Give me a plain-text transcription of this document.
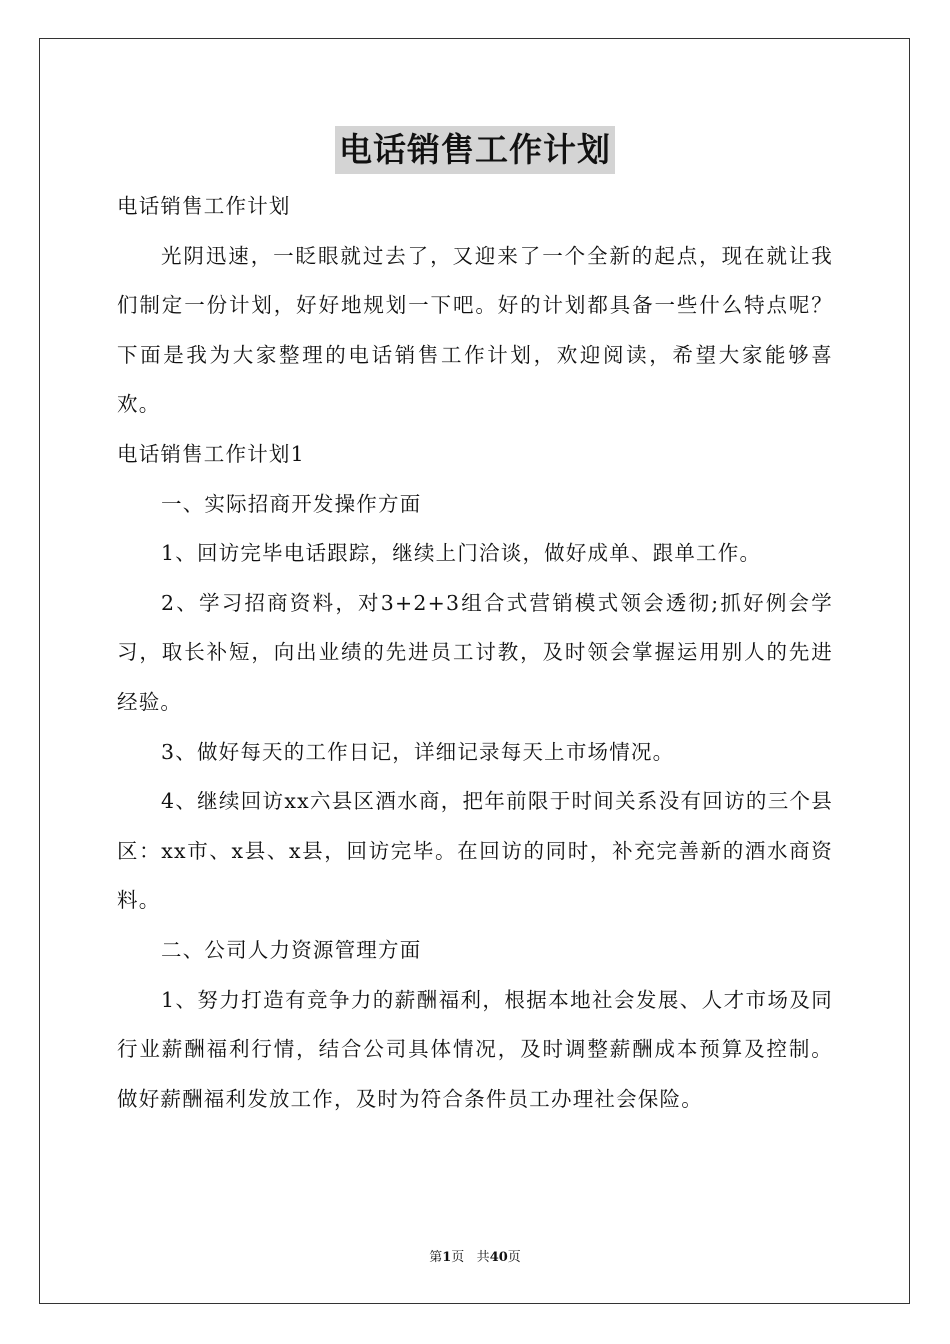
电话销售工作计划

电话销售工作计划

光阴迅速，一眨眼就过去了，又迎来了一个全新的起点，现在就让我们制定一份计划，好好地规划一下吧。好的计划都具备一些什么特点呢？下面是我为大家整理的电话销售工作计划，欢迎阅读，希望大家能够喜欢。

电话销售工作计划1

一、实际招商开发操作方面

1、回访完毕电话跟踪，继续上门洽谈，做好成单、跟单工作。

2、学习招商资料，对3+2+3组合式营销模式领会透彻;抓好例会学习，取长补短，向出业绩的先进员工讨教，及时领会掌握运用别人的先进经验。

3、做好每天的工作日记，详细记录每天上市场情况。

4、继续回访xx六县区酒水商，把年前限于时间关系没有回访的三个县区：xx市、x县、x县，回访完毕。在回访的同时，补充完善新的酒水商资料。

二、公司人力资源管理方面

1、努力打造有竞争力的薪酬福利，根据本地社会发展、人才市场及同行业薪酬福利行情，结合公司具体情况，及时调整薪酬成本预算及控制。做好薪酬福利发放工作，及时为符合条件员工办理社会保险。

第1页 共40页
